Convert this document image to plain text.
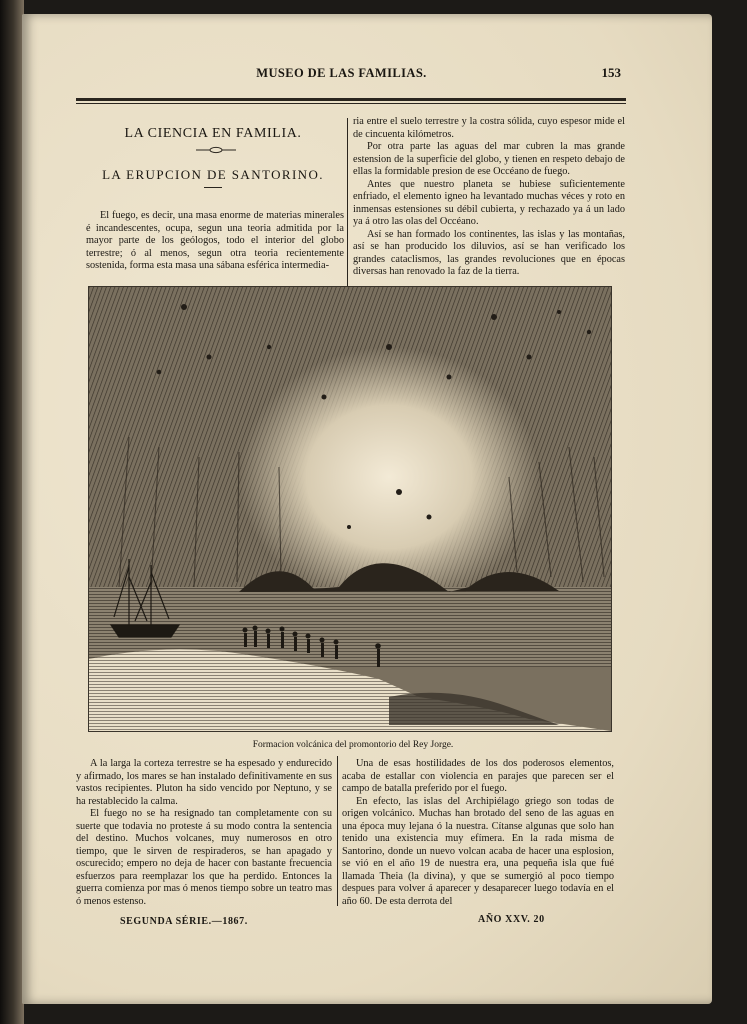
MUSEO DE LAS FAMILIAS.	153
LA CIENCIA EN FAMILIA.
LA ERUPCION DE SANTORINO.

El fuego, es decir, una masa enorme de materias minerales é incandescentes, ocupa, segun una teoria admitida por la mayor parte de los geólogos, todo el interior del globo terrestre; ó al menos, segun otra teoria recientemente sostenida, forma esta masa una sábana esférica intermedia-

ria entre el suelo terrestre y la costra sólida, cuyo espesor mide el de cincuenta kilómetros.

Por otra parte las aguas del mar cubren la mas grande estension de la superficie del globo, y tienen en respeto debajo de ellas la formidable presion de ese Occéano de fuego.

Antes que nuestro planeta se hubiese suficientemente enfriado, el elemento igneo ha levantado muchas véces y roto en inmensas estensiones su débil cubierta, y rechazado ya á un lado ya á otro las olas del Occéano.

Así se han formado los continentes, las islas y las montañas, así se han producido los diluvios, así se han verificado los grandes cataclismos, las grandes revoluciones que en épocas diversas han renovado la faz de la tierra.

Formacion volcánica del promontorio del Rey Jorge.

A la larga la corteza terrestre se ha espesado y endurecido y afirmado, los mares se han instalado definitivamente en sus vastos recipientes. Pluton ha sido vencido por Neptuno, y se ha restablecido la calma.

El fuego no se ha resignado tan completamente con su suerte que todavia no proteste á su modo contra la sentencia del destino. Muchos volcanes, muy numerosos en otro tiempo, que le sirven de respiraderos, se han apagado y oscurecido; empero no deja de hacer con bastante frecuencia esfuerzos para reemplazar los que ha perdido. Entonces la guerra comienza por mas ó menos tiempo sobre un teatro mas ó menos estenso.

Una de esas hostilidades de los dos poderosos elementos, acaba de estallar con violencia en parajes que parecen ser el campo de batalla preferido por el fuego.

En efecto, las islas del Archipiélago griego son todas de origen volcánico. Muchas han brotado del seno de las aguas en una época muy lejana ó la nuestra. Cítanse algunas que solo han tenido una existencia muy efímera. En la rada misma de Santorino, donde un nuevo volcan acaba de hacer una esplosion, se vió en el año 19 de nuestra era, una pequeña isla que fué llamada Theia (la divina), y que se sumergió al poco tiempo despues para volver á aparecer y desaparecer luego todavía en el año 60. De esta derrota del

SEGUNDA SÉRIE.—1867.	AÑO XXV. 20
